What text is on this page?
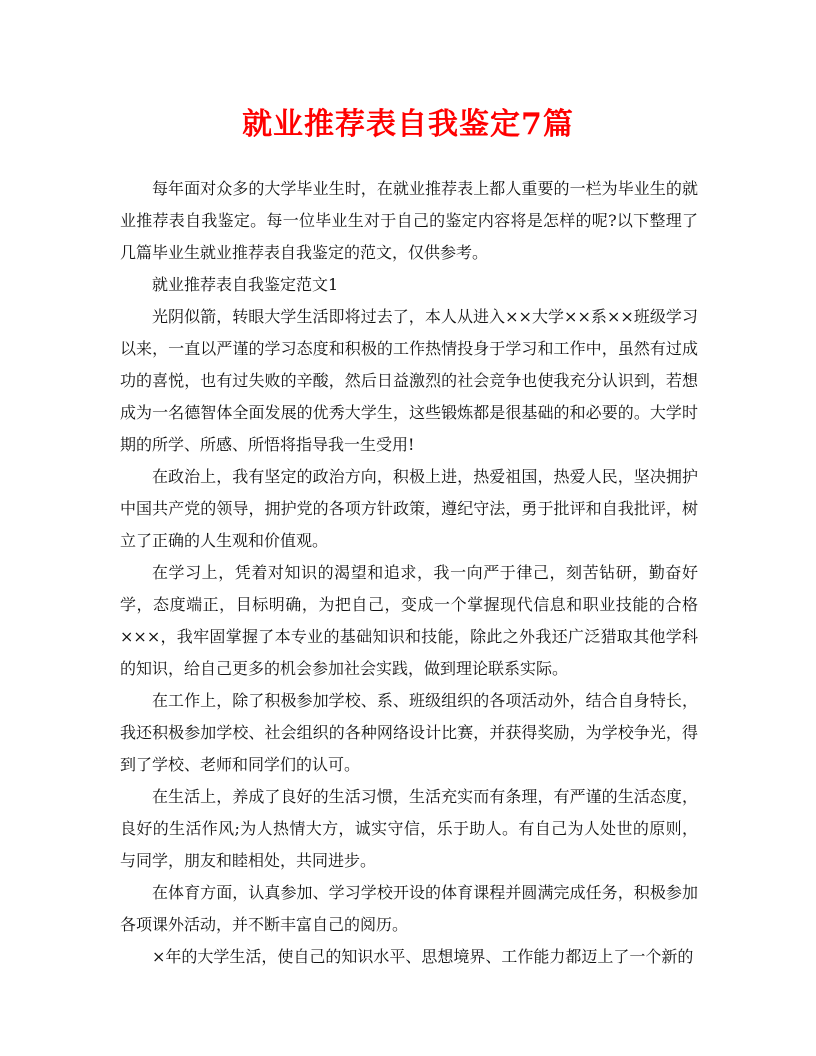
就业推荐表自我鉴定7篇

每年面对众多的大学毕业生时，在就业推荐表上都人重要的一栏为毕业生的就业推荐表自我鉴定。每一位毕业生对于自己的鉴定内容将是怎样的呢?以下整理了几篇毕业生就业推荐表自我鉴定的范文，仅供参考。

就业推荐表自我鉴定范文1

光阴似箭，转眼大学生活即将过去了，本人从进入××大学××系××班级学习以来，一直以严谨的学习态度和积极的工作热情投身于学习和工作中，虽然有过成功的喜悦，也有过失败的辛酸，然后日益激烈的社会竞争也使我充分认识到，若想成为一名德智体全面发展的优秀大学生，这些锻炼都是很基础的和必要的。大学时期的所学、所感、所悟将指导我一生受用!

在政治上，我有坚定的政治方向，积极上进，热爱祖国，热爱人民，坚决拥护中国共产党的领导，拥护党的各项方针政策，遵纪守法，勇于批评和自我批评，树立了正确的人生观和价值观。

在学习上，凭着对知识的渴望和追求，我一向严于律己，刻苦钻研，勤奋好学，态度端正，目标明确，为把自己，变成一个掌握现代信息和职业技能的合格×××，我牢固掌握了本专业的基础知识和技能，除此之外我还广泛猎取其他学科的知识，给自己更多的机会参加社会实践，做到理论联系实际。

在工作上，除了积极参加学校、系、班级组织的各项活动外，结合自身特长，我还积极参加学校、社会组织的各种网络设计比赛，并获得奖励，为学校争光，得到了学校、老师和同学们的认可。

在生活上，养成了良好的生活习惯，生活充实而有条理，有严谨的生活态度，良好的生活作风;为人热情大方，诚实守信，乐于助人。有自己为人处世的原则，与同学，朋友和睦相处，共同进步。

在体育方面，认真参加、学习学校开设的体育课程并圆满完成任务，积极参加各项课外活动，并不断丰富自己的阅历。

×年的大学生活，使自己的知识水平、思想境界、工作能力都迈上了一个新的
